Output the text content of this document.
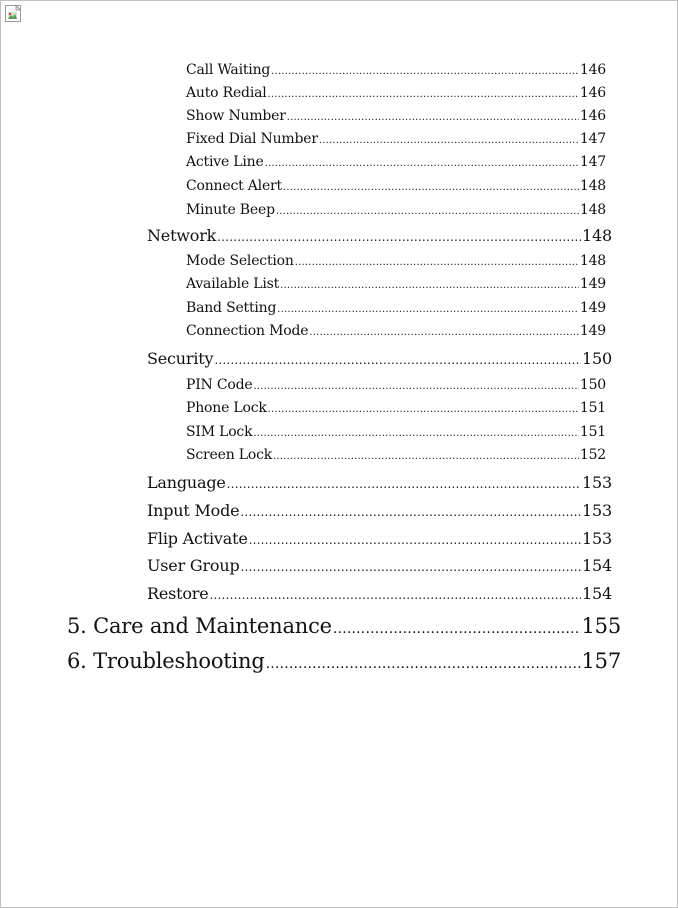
Call Waiting .....	146
Auto Redial .....	146
Show Number .....	146
Fixed Dial Number .....	147
Active Line .....	147
Connect Alert .....	148
Minute Beep .....	148
Network .....	148
Mode Selection .....	148
Available List .....	149
Band Setting .....	149
Connection Mode .....	149
Security .....	150
PIN Code .....	150
Phone Lock .....	151
SIM Lock .....	151
Screen Lock .....	152
Language .....	153
Input Mode .....	153
Flip Activate .....	153
User Group .....	154
Restore .....	154
5. Care and Maintenance .....	155
6. Troubleshooting .....	157
